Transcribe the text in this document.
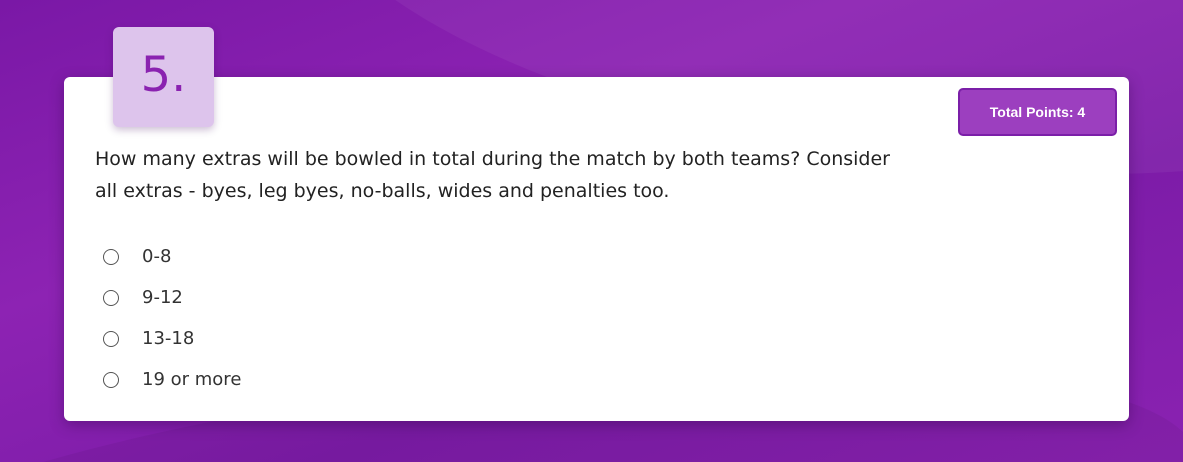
5.
Total Points: 4

How many extras will be bowled in total during the match by both teams? Consider all extras - byes, leg byes, no-balls, wides and penalties too.

0-8
9-12
13-18
19 or more
